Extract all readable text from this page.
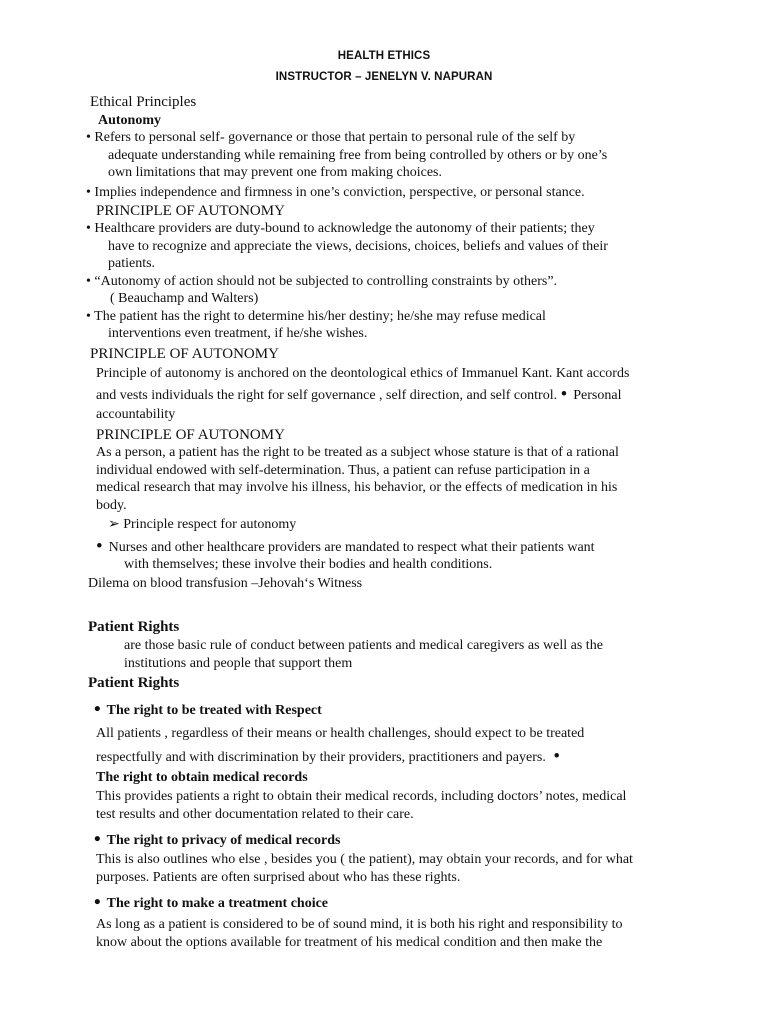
HEALTH ETHICS
INSTRUCTOR – JENELYN V. NAPURAN
Ethical Principles
Autonomy
• Refers to personal self- governance or those that pertain to personal rule of the self by
adequate understanding while remaining free from being controlled by others or by one’s
own limitations that may prevent one from making choices.
• Implies independence and firmness in one’s conviction, perspective, or personal stance.
PRINCIPLE OF AUTONOMY
• Healthcare providers are duty-bound to acknowledge the autonomy of their patients; they
have to recognize and appreciate the views, decisions, choices, beliefs and values of their
patients.
• “Autonomy of action should not be subjected to controlling constraints by others”.
( Beauchamp and Walters)
• The patient has the right to determine his/her destiny; he/she may refuse medical
interventions even treatment, if he/she wishes.
PRINCIPLE OF AUTONOMY
Principle of autonomy is anchored on the deontological ethics of Immanuel Kant. Kant accords
and vests individuals the right for self governance , self direction, and self control. • Personal
accountability
PRINCIPLE OF AUTONOMY
As a person, a patient has the right to be treated as a subject whose stature is that of a rational
individual endowed with self-determination. Thus, a patient can refuse participation in a
medical research that may involve his illness, his behavior, or the effects of medication in his
body.
➢ Principle respect for autonomy
• Nurses and other healthcare providers are mandated to respect what their patients want
with themselves; these involve their bodies and health conditions.
Dilema on blood transfusion –Jehovah‘s Witness
Patient Rights
are those basic rule of conduct between patients and medical caregivers as well as the
institutions and people that support them
Patient Rights
• The right to be treated with Respect
All patients , regardless of their means or health challenges, should expect to be treated
respectfully and with discrimination by their providers, practitioners and payers. •
The right to obtain medical records
This provides patients a right to obtain their medical records, including doctors’ notes, medical
test results and other documentation related to their care.
• The right to privacy of medical records
This is also outlines who else , besides you ( the patient), may obtain your records, and for what
purposes. Patients are often surprised about who has these rights.
• The right to make a treatment choice
As long as a patient is considered to be of sound mind, it is both his right and responsibility to
know about the options available for treatment of his medical condition and then make the
